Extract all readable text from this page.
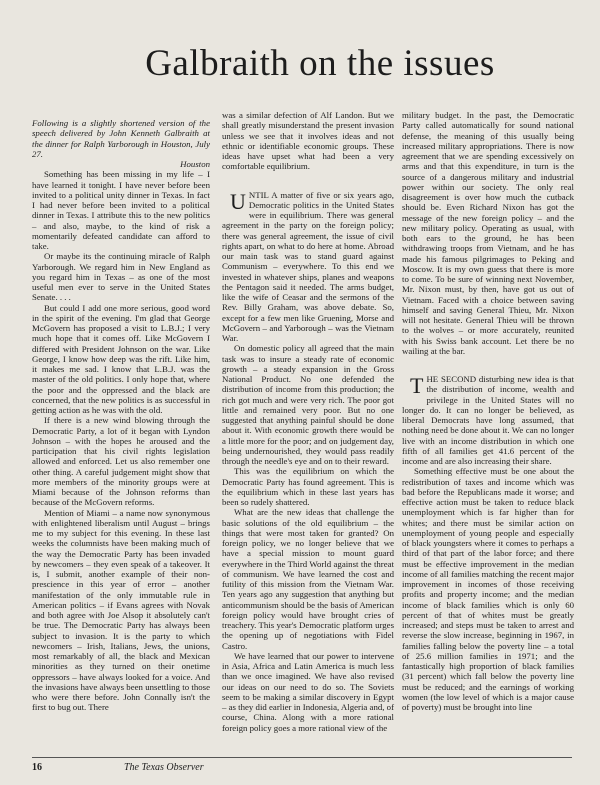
Galbraith on the issues

Following is a slightly shortened version of the speech delivered by John Kenneth Galbraith at the dinner for Ralph Yarborough in Houston, July 27.

Houston

Something has been missing in my life – I have learned it tonight. I have never before been invited to a political unity dinner in Texas. In fact I had never before been invited to a political dinner in Texas. I attribute this to the new politics – and also, maybe, to the kind of risk a momentarily defeated candidate can afford to take.

Or maybe its the continuing miracle of Ralph Yarborough. We regard him in New England as you regard him in Texas – as one of the most useful men ever to serve in the United States Senate. . . .

But could I add one more serious, good word in the spirit of the evening. I'm glad that George McGovern has proposed a visit to L.B.J.; I very much hope that it comes off. Like McGovern I differed with President Johnson on the war. Like George, I know how deep was the rift. Like him, it makes me sad. I know that L.B.J. was the master of the old politics. I only hope that, where the poor and the oppressed and the black are concerned, that the new politics is as successful in getting action as he was with the old.

If there is a new wind blowing through the Democratic Party, a lot of it began with Lyndon Johnson – with the hopes he aroused and the participation that his civil rights legislation allowed and enforced. Let us also remember one other thing. A careful judgement might show that more members of the minority groups were at Miami because of the Johnson reforms than because of the McGovern reforms.

Mention of Miami – a name now synonymous with enlightened liberalism until August – brings me to my subject for this evening. In these last weeks the columnists have been making much of the way the Democratic Party has been invaded by newcomers – they even speak of a takeover. It is, I submit, another example of their non-prescience in this year of error – another manifestation of the only immutable rule in American politics – if Evans agrees with Novak and both agree with Joe Alsop it absolutely can't be true. The Democratic Party has always been subject to invasion. It is the party to which newcomers – Irish, Italians, Jews, the unions, most remarkably of all, the black and Mexican minorities as they turned on their onetime oppressors – have always looked for a voice. And the invasions have always been unsettling to those who were there before. John Connally isn't the first to bug out. There

was a similar defection of Alf Landon. But we shall greatly misunderstand the present invasion unless we see that it involves ideas and not ethnic or identifiable economic groups. These ideas have upset what had been a very comfortable equilibrium.

UNTIL A matter of five or six years ago, Democratic politics in the United States were in equilibrium. There was general agreement in the party on the foreign policy; there was general agreement, the issue of civil rights apart, on what to do here at home. Abroad our main task was to stand guard against Communism – everywhere. To this end we invested in whatever ships, planes and weapons the Pentagon said it needed. The arms budget, like the wife of Ceasar and the sermons of the Rev. Billy Graham, was above debate. So, except for a few men like Gruening, Morse and McGovern – and Yarborough – was the Vietnam War.

On domestic policy all agreed that the main task was to insure a steady rate of economic growth – a steady expansion in the Gross National Product. No one defended the distribution of income from this production; the rich got much and were very rich. The poor got little and remained very poor. But no one suggested that anything painful should be done about it. With economic growth there would be a little more for the poor; and on judgement day, being undernourished, they would pass readily through the needle's eye and on to their reward.

This was the equilibrium on which the Democratic Party has found agreement. This is the equilibrium which in these last years has been so rudely shattered.

What are the new ideas that challenge the basic solutions of the old equilibrium – the things that were most taken for granted? On foreign policy, we no longer believe that we have a special mission to mount guard everywhere in the Third World against the threat of communism. We have learned the cost and futility of this mission from the Vietnam War. Ten years ago any suggestion that anything but anticommunism should be the basis of American foreign policy would have brought cries of treachery. This year's Democratic platform urges the opening up of negotiations with Fidel Castro.

We have learned that our power to intervene in Asia, Africa and Latin America is much less than we once imagined. We have also revised our ideas on our need to do so. The Soviets seem to be making a similar discovery in Egypt – as they did earlier in Indonesia, Algeria and, of course, China. Along with a more rational foreign policy goes a more rational view of the

military budget. In the past, the Democratic Party called automatically for sound national defense, the meaning of this usually being increased military appropriations. There is now agreement that we are spending excessively on arms and that this expenditure, in turn is the source of a dangerous military and industrial power within our society. The only real disagreement is over how much the cutback should be. Even Richard Nixon has got the message of the new foreign policy – and the new military policy. Operating as usual, with both ears to the ground, he has been withdrawing troops from Vietnam, and he has made his famous pilgrimages to Peking and Moscow. It is my own guess that there is more to come. To be sure of winning next November, Mr. Nixon must, by then, have got us out of Vietnam. Faced with a choice between saving himself and saving General Thieu, Mr. Nixon will not hesitate. General Thieu will be thrown to the wolves – or more accurately, reunited with his Swiss bank account. Let there be no wailing at the bar.

THE SECOND disturbing new idea is that the distribution of income, wealth and privilege in the United States will no longer do. It can no longer be believed, as liberal Democrats have long assumed, that nothing need be done about it. We can no longer live with an income distribution in which one fifth of all families get 41.6 percent of the income and are also increasing their share.

Something effective must be one about the redistribution of taxes and income which was bad before the Republicans made it worse; and effective action must be taken to reduce black unemployment which is far higher than for whites; and there must be similar action on unemployment of young people and especially of black youngsters where it comes to perhaps a third of that part of the labor force; and there must be effective improvement in the median income of all families matching the recent major improvement in incomes of those receiving profits and property income; and the median income of black families which is only 60 percent of that of whites must be greatly increased; and steps must be taken to arrest and reverse the slow increase, beginning in 1967, in families falling below the poverty line – a total of 25.6 million families in 1971; and the fantastically high proportion of black families (31 percent) which fall below the poverty line must be reduced; and the earnings of working women (the low level of which is a major cause of poverty) must be brought into line

16	The Texas Observer
